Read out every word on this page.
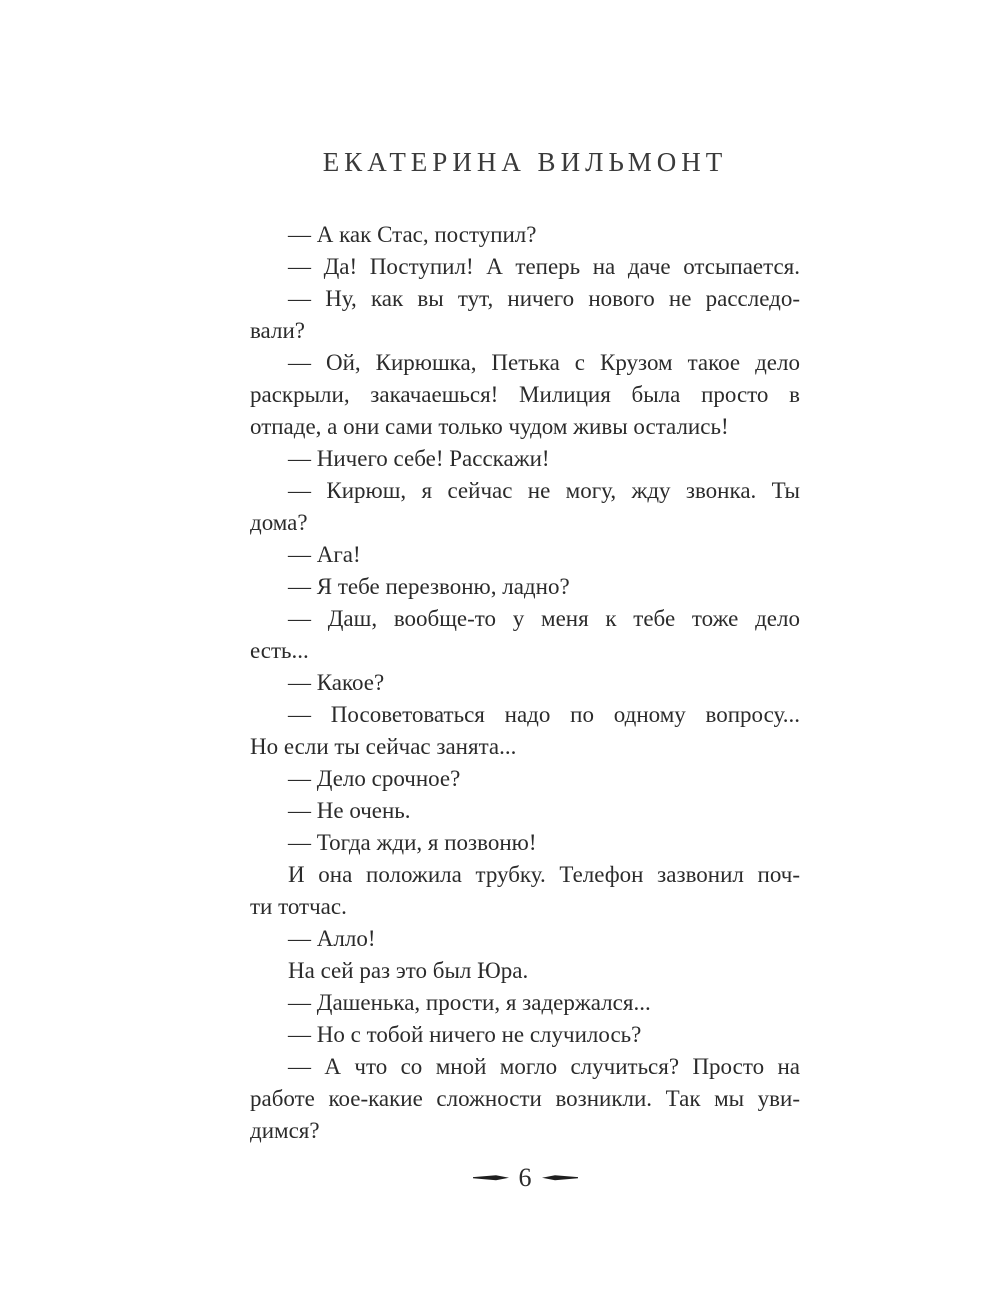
ЕКАТЕРИНА ВИЛЬМОНТ
— А как Стас, поступил?
— Да! Поступил! А теперь на даче отсыпается.
— Ну, как вы тут, ничего нового не расследо-
вали?
— Ой, Кирюшка, Петька с Крузом такое дело
раскрыли, закачаешься! Милиция была просто в
отпаде, а они сами только чудом живы остались!
— Ничего себе! Расскажи!
— Кирюш, я сейчас не могу, жду звонка. Ты
дома?
— Ага!
— Я тебе перезвоню, ладно?
— Даш, вообще-то у меня к тебе тоже дело
есть...
— Какое?
— Посоветоваться надо по одному вопросу...
Но если ты сейчас занята...
— Дело срочное?
— Не очень.
— Тогда жди, я позвоню!
И она положила трубку. Телефон зазвонил поч-
ти тотчас.
— Алло!
На сей раз это был Юра.
— Дашенька, прости, я задержался...
— Но с тобой ничего не случилось?
— А что со мной могло случиться? Просто на
работе кое-какие сложности возникли. Так мы уви-
димся?
6
